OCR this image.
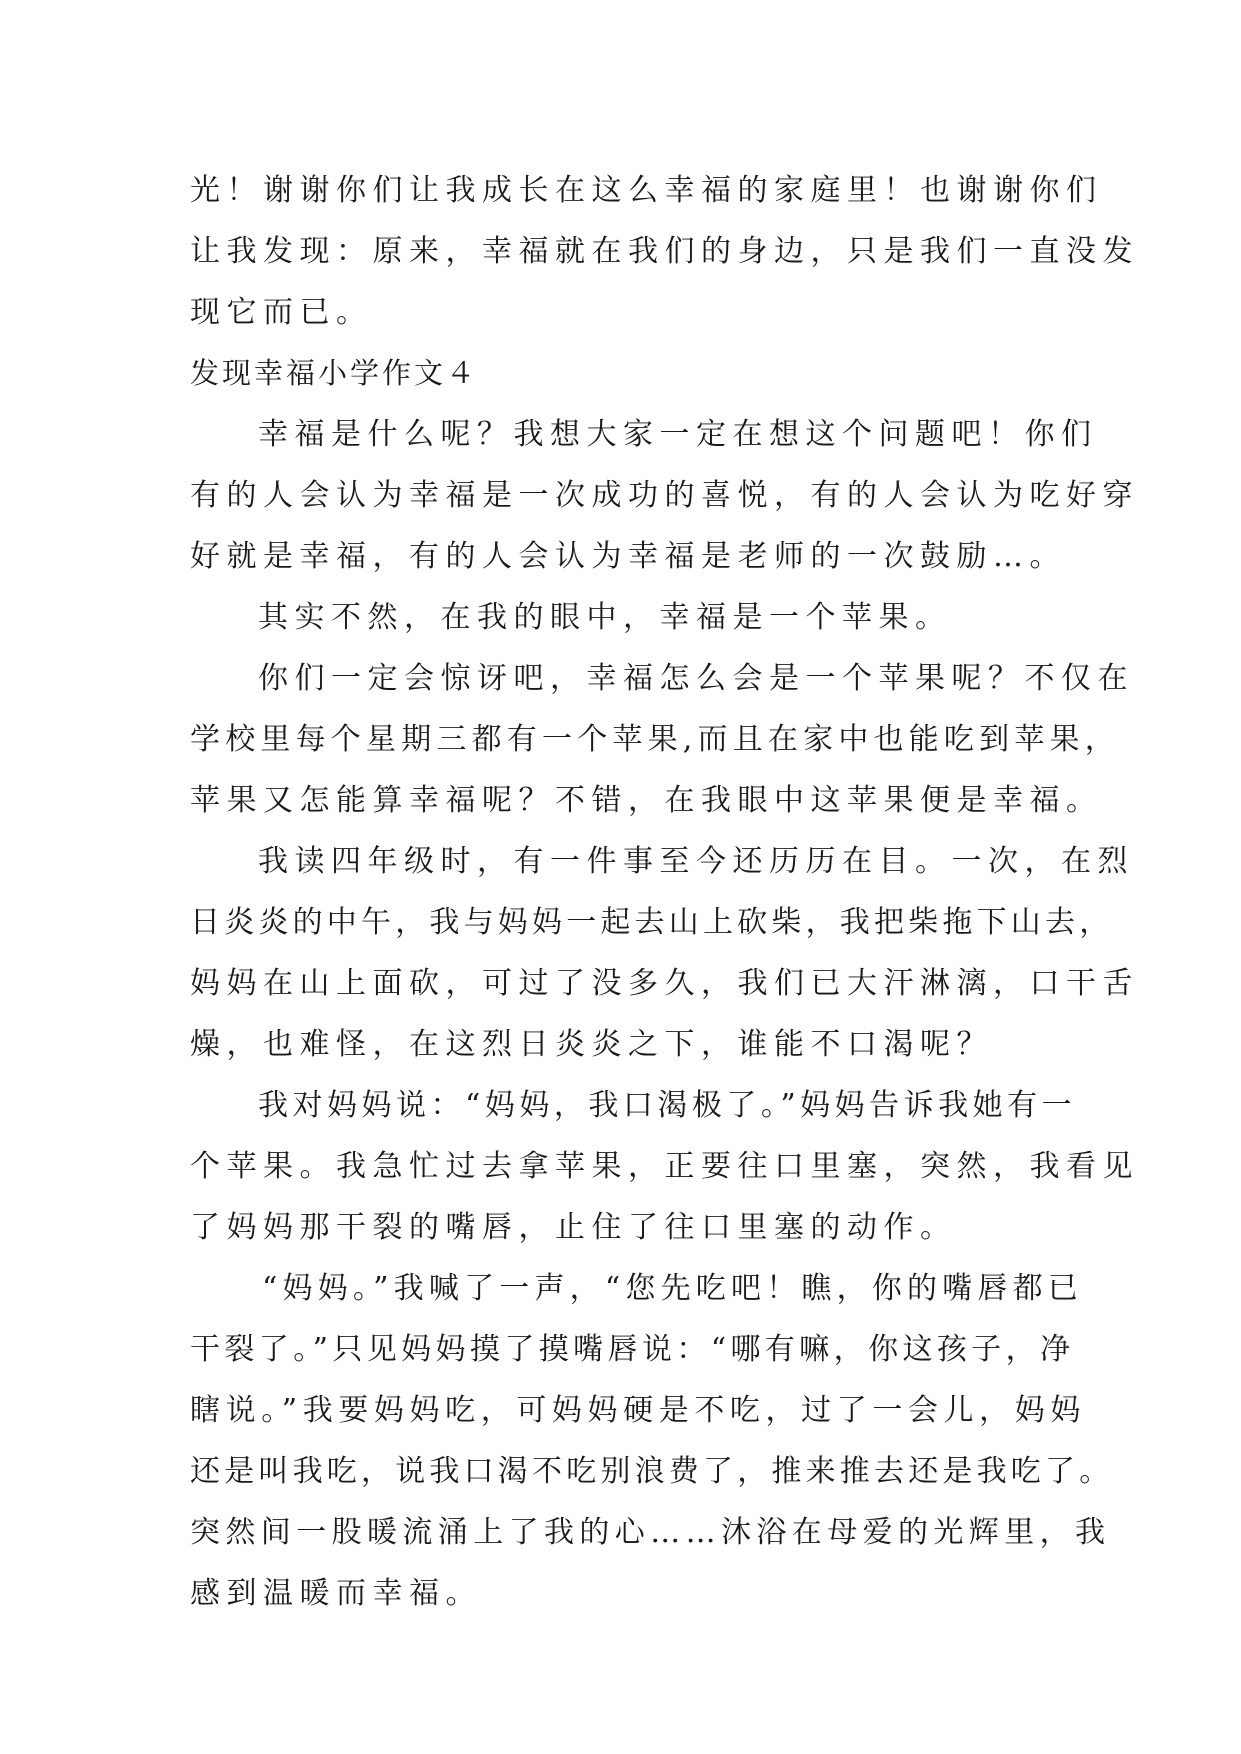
光！谢谢你们让我成长在这么幸福的家庭里！也谢谢你们
让我发现：原来，幸福就在我们的身边，只是我们一直没发
现它而已。
发现幸福小学作文４
幸福是什么呢？我想大家一定在想这个问题吧！你们
有的人会认为幸福是一次成功的喜悦，有的人会认为吃好穿
好就是幸福，有的人会认为幸福是老师的一次鼓励…。
其实不然，在我的眼中，幸福是一个苹果。
你们一定会惊讶吧，幸福怎么会是一个苹果呢？不仅在
学校里每个星期三都有一个苹果,而且在家中也能吃到苹果，
苹果又怎能算幸福呢？不错，在我眼中这苹果便是幸福。
我读四年级时，有一件事至今还历历在目。一次，在烈
日炎炎的中午，我与妈妈一起去山上砍柴，我把柴拖下山去，
妈妈在山上面砍，可过了没多久，我们已大汗淋漓，口干舌
燥，也难怪，在这烈日炎炎之下，谁能不口渴呢？
我对妈妈说：“妈妈，我口渴极了。”妈妈告诉我她有一
个苹果。我急忙过去拿苹果，正要往口里塞，突然，我看见
了妈妈那干裂的嘴唇，止住了往口里塞的动作。
“妈妈。”我喊了一声，“您先吃吧！瞧，你的嘴唇都已
干裂了。”只见妈妈摸了摸嘴唇说：“哪有嘛，你这孩子，净
瞎说。”我要妈妈吃，可妈妈硬是不吃，过了一会儿，妈妈
还是叫我吃，说我口渴不吃别浪费了，推来推去还是我吃了。
突然间一股暖流涌上了我的心……沐浴在母爱的光辉里，我
感到温暖而幸福。
